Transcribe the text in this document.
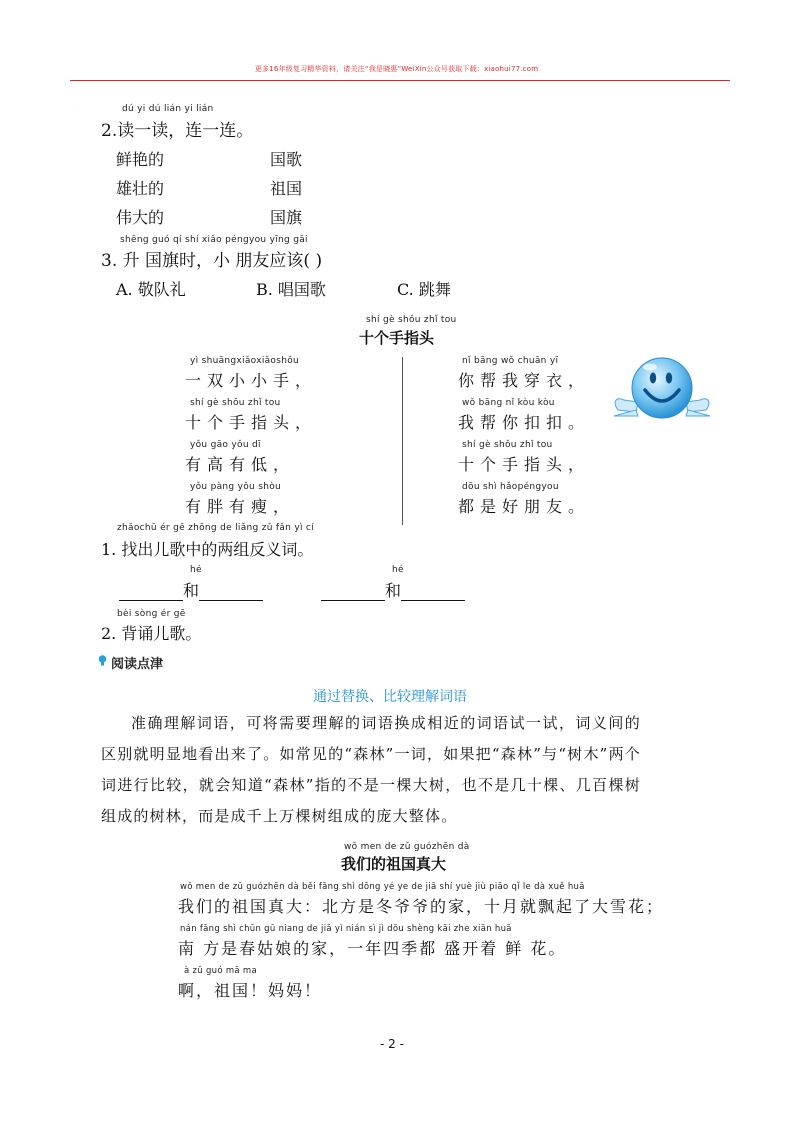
更多16年级复习精华资料，请关注“我是晓惠”WeiXin公众号获取下载：xiaohui77.com
dú yi dú lián yi lián
2.读一读，连一连。
鲜艳的
雄壮的
伟大的
国歌
祖国
国旗
shēng guó qí shí xiǎo péngyou yīng gāi
3. 升 国旗时，小 朋友应该( )
A. 敬队礼	B. 唱国歌	C. 跳舞
shí gè shǒu zhǐ tou
十个手指头
yì shuāngxiǎoxiǎoshǒu
一双小小手，
shí gè shǒu zhǐ tou
十个手指头，
yǒu gāo yǒu dī
有高有低，
yǒu pàng yǒu shòu
有胖有瘦，
nǐ bāng wǒ chuān yī
你帮我穿衣，
wǒ bāng nǐ kòu kòu
我帮你扣扣。
shí gè shǒu zhǐ tou
十个手指头，
dōu shì hǎopéngyou
都是好朋友。
zhǎochū ér gē zhōng de liǎng zǔ fǎn yì cí
1. 找出儿歌中的两组反义词。
hé
和
hé
和
bèi sòng ér gē
2. 背诵儿歌。
阅读点津
通过替换、比较理解词语
准确理解词语，可将需要理解的词语换成相近的词语试一试，词义间的区别就明显地看出来了。如常见的“森林”一词，如果把“森林”与“树木”两个词进行比较，就会知道“森林”指的不是一棵大树，也不是几十棵、几百棵树组成的树林，而是成千上万棵树组成的庞大整体。
wǒ men de zǔ guózhēn dà
我们的祖国真大
wǒ men de zǔ guózhēn dà běi fāng shì dōng yé ye de jiā shí yuè jiù piāo qǐ le dà xuě huā
我们的祖国真大：北方是冬爷爷的家，十月就飘起了大雪花；
nán fāng shì chūn gū niang de jiā yì nián sì jì dōu shèng kāi zhe xiān huā
南 方是春姑娘的家，一年四季都 盛开着 鲜 花。
à zǔ guó mā ma
啊，祖国！妈妈！
- 2 -
